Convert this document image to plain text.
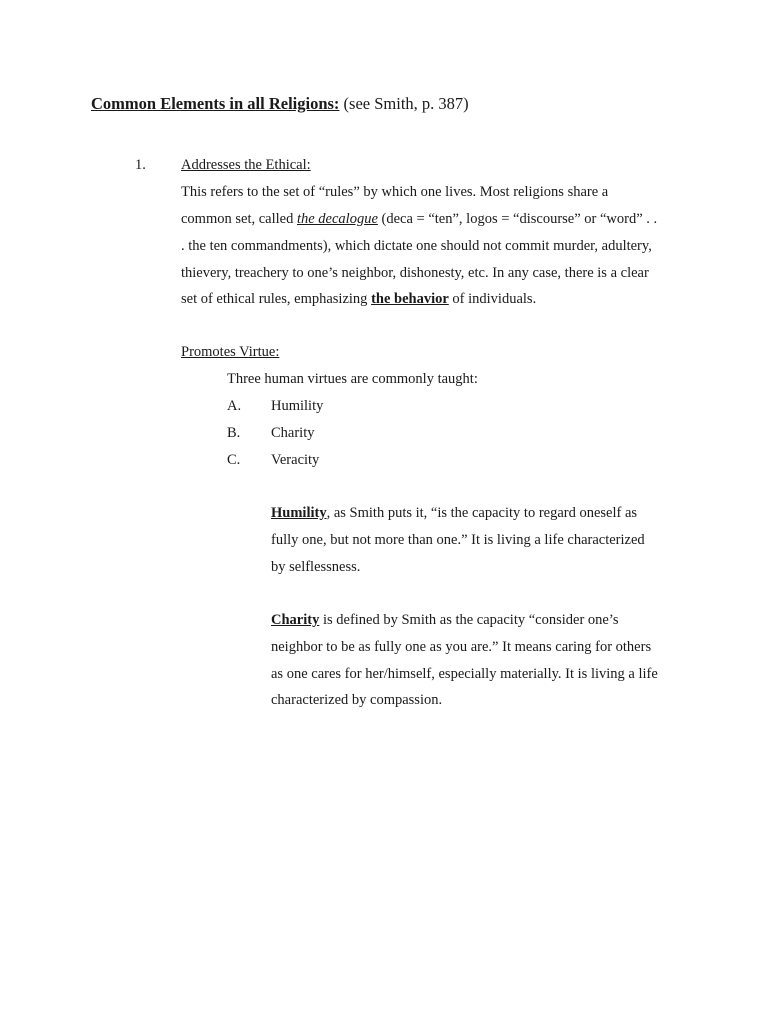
Common Elements in all Religions: (see Smith, p. 387)
1. Addresses the Ethical:
This refers to the set of “rules” by which one lives. Most religions share a
common set, called the decalogue (deca = “ten”, logos = “discourse” or “word” . .
. the ten commandments), which dictate one should not commit murder, adultery,
thievery, treachery to one’s neighbor, dishonesty, etc. In any case, there is a clear
set of ethical rules, emphasizing the behavior of individuals.
Promotes Virtue:
Three human virtues are commonly taught:
A. Humility
B. Charity
C. Veracity
Humility, as Smith puts it, “is the capacity to regard oneself as
fully one, but not more than one.” It is living a life characterized
by selflessness.
Charity is defined by Smith as the capacity “consider one’s
neighbor to be as fully one as you are.” It means caring for others
as one cares for her/himself, especially materially. It is living a life
characterized by compassion.
